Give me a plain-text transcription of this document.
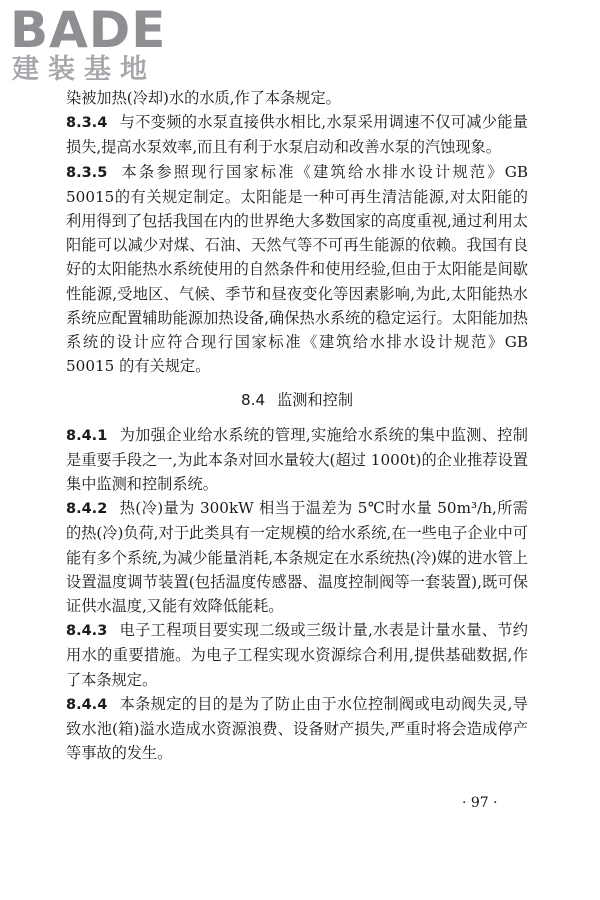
BADE
建装基地

染被加热(冷却)水的水质,作了本条规定。

8.3.4 与不变频的水泵直接供水相比,水泵采用调速不仅可减少能量损失,提高水泵效率,而且有利于水泵启动和改善水泵的汽蚀现象。

8.3.5 本条参照现行国家标准《建筑给水排水设计规范》GB 50015的有关规定制定。太阳能是一种可再生清洁能源,对太阳能的利用得到了包括我国在内的世界绝大多数国家的高度重视,通过利用太阳能可以减少对煤、石油、天然气等不可再生能源的依赖。我国有良好的太阳能热水系统使用的自然条件和使用经验,但由于太阳能是间歇性能源,受地区、气候、季节和昼夜变化等因素影响,为此,太阳能热水系统应配置辅助能源加热设备,确保热水系统的稳定运行。太阳能加热系统的设计应符合现行国家标准《建筑给水排水设计规范》GB 50015 的有关规定。

8.4 监测和控制

8.4.1 为加强企业给水系统的管理,实施给水系统的集中监测、控制是重要手段之一,为此本条对回水量较大(超过 1000t)的企业推荐设置集中监测和控制系统。

8.4.2 热(冷)量为 300kW 相当于温差为 5℃时水量 50m³/h,所需的热(冷)负荷,对于此类具有一定规模的给水系统,在一些电子企业中可能有多个系统,为减少能量消耗,本条规定在水系统热(冷)媒的进水管上设置温度调节装置(包括温度传感器、温度控制阀等一套装置),既可保证供水温度,又能有效降低能耗。

8.4.3 电子工程项目要实现二级或三级计量,水表是计量水量、节约用水的重要措施。为电子工程实现水资源综合利用,提供基础数据,作了本条规定。

8.4.4 本条规定的目的是为了防止由于水位控制阀或电动阀失灵,导致水池(箱)溢水造成水资源浪费、设备财产损失,严重时将会造成停产等事故的发生。

· 97 ·
